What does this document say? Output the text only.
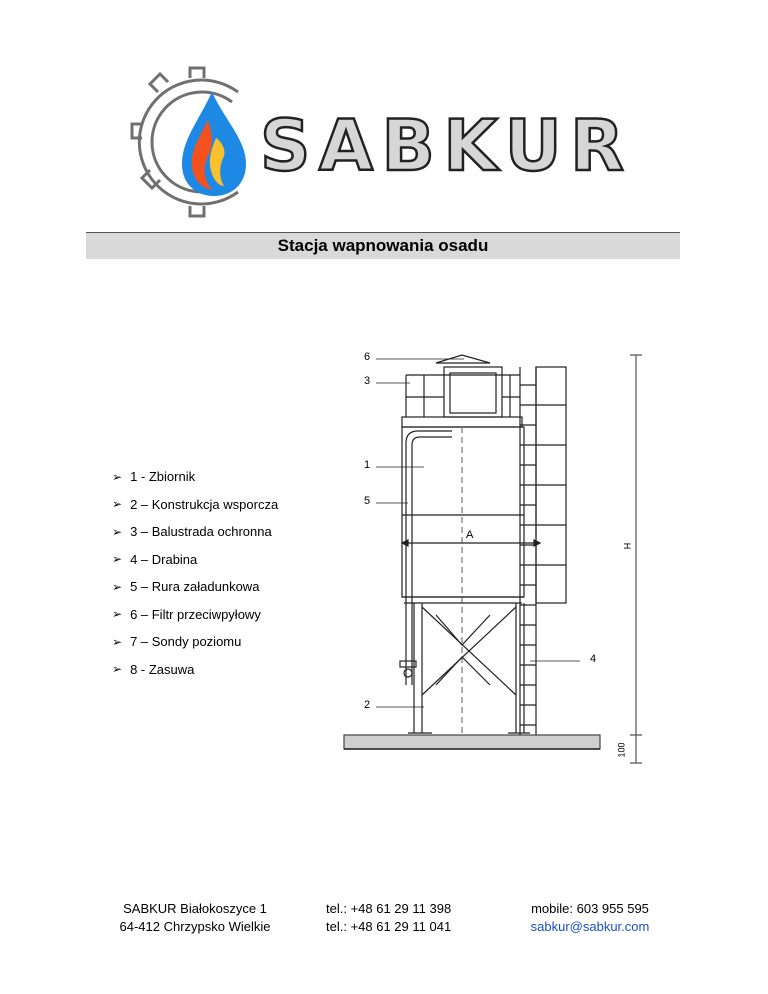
SABKUR
Stacja wapnowania osadu
➢ 1 - Zbiornik
➢ 2 – Konstrukcja wsporcza
➢ 3 – Balustrada ochronna
➢ 4 – Drabina
➢ 5 – Rura załadunkowa
➢ 6 – Filtr przeciwpyłowy
➢ 7 – Sondy poziomu
➢ 8 - Zasuwa
6
3
1
5
2
4
A
H
100
SABKUR Białokoszyce 1
64-412 Chrzypsko Wielkie
tel.: +48 61 29 11 398
tel.: +48 61 29 11 041
mobile: 603 955 595
sabkur@sabkur.com
